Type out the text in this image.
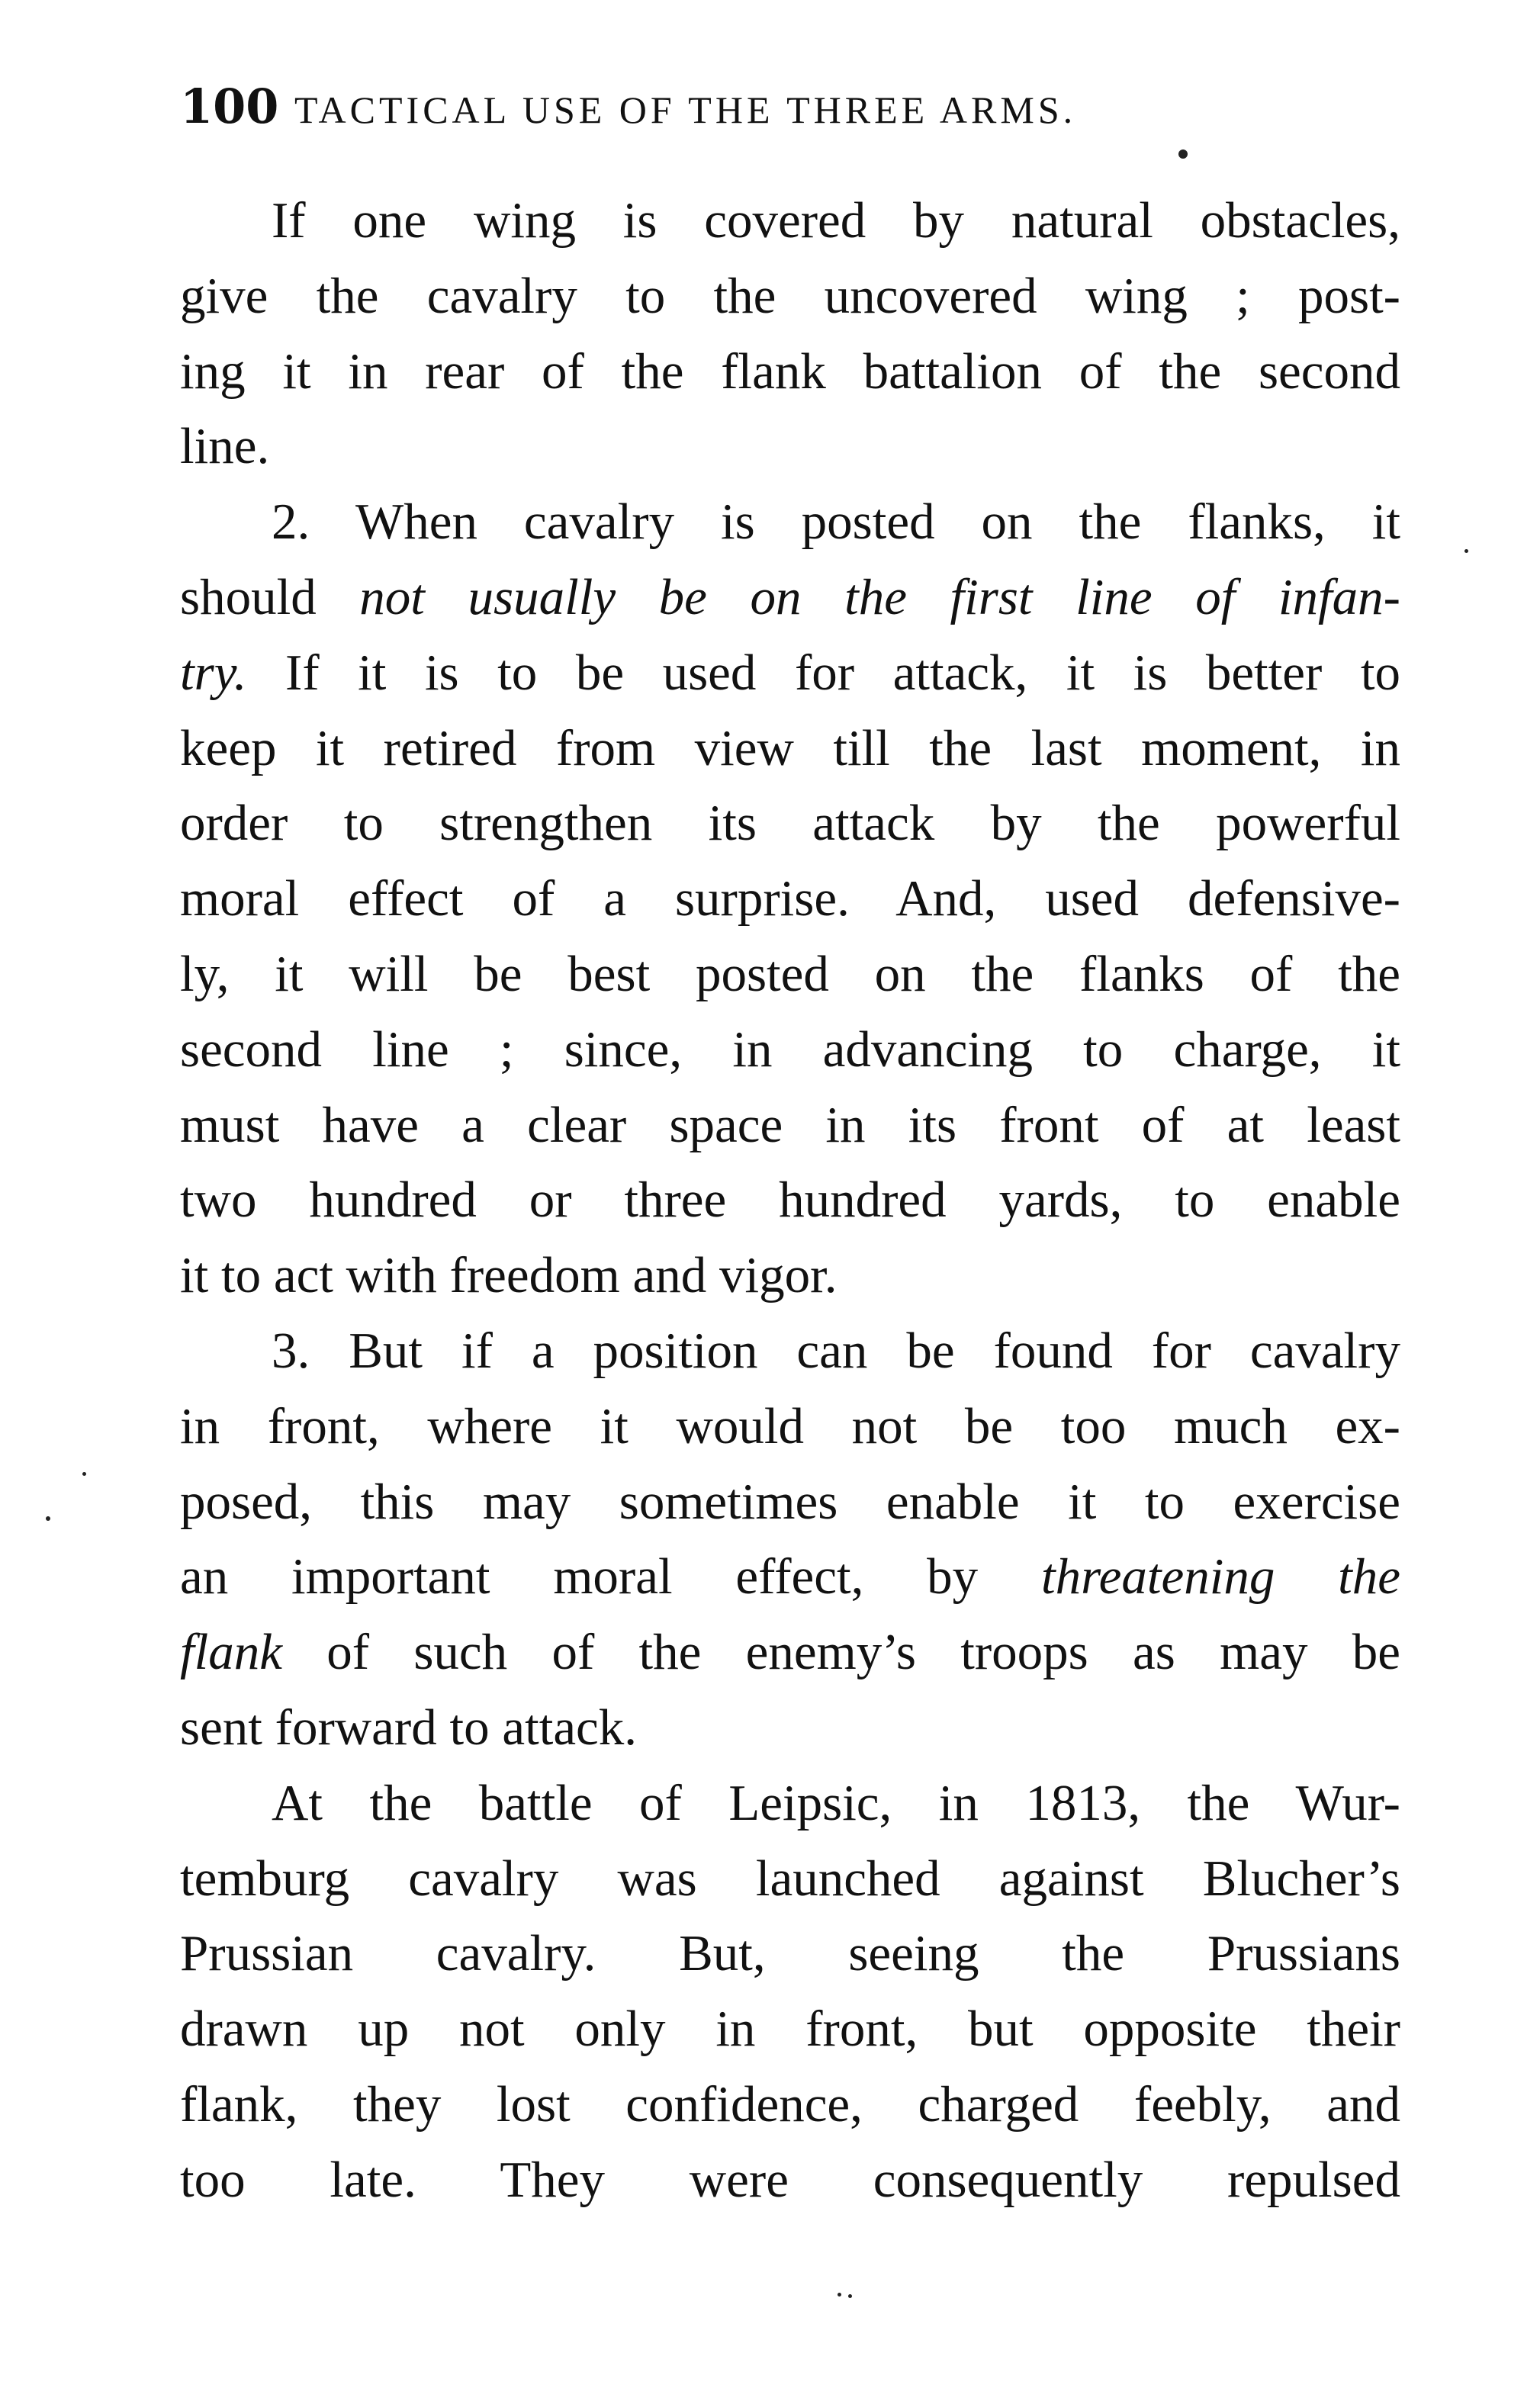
100 TACTICAL USE OF THE THREE ARMS.
If one wing is covered by natural obstacles,
give the cavalry to the uncovered wing ; post-
ing it in rear of the flank battalion of the second
line.
2. When cavalry is posted on the flanks, it
should not usually be on the first line of infan-
try. If it is to be used for attack, it is better to
keep it retired from view till the last moment, in
order to strengthen its attack by the powerful
moral effect of a surprise. And, used defensive-
ly, it will be best posted on the flanks of the
second line ; since, in advancing to charge, it
must have a clear space in its front of at least
two hundred or three hundred yards, to enable
it to act with freedom and vigor.
3. But if a position can be found for cavalry
in front, where it would not be too much ex-
posed, this may sometimes enable it to exercise
an important moral effect, by threatening the
flank of such of the enemy’s troops as may be
sent forward to attack.
At the battle of Leipsic, in 1813, the Wur-
temburg cavalry was launched against Blucher’s
Prussian cavalry. But, seeing the Prussians
drawn up not only in front, but opposite their
flank, they lost confidence, charged feebly, and
too late. They were consequently repulsed
